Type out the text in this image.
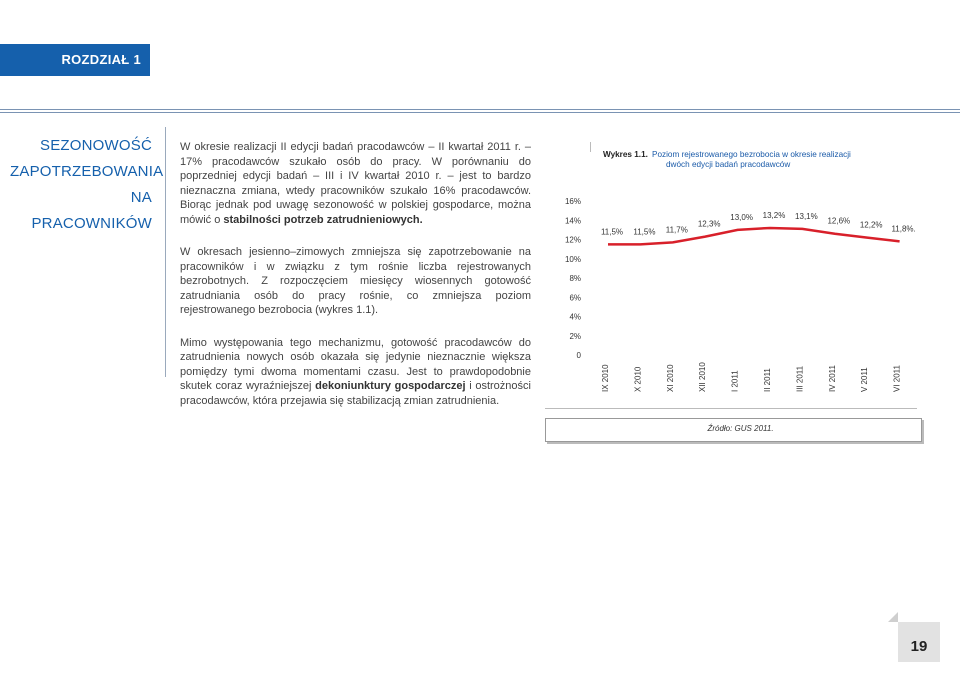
ROZDZIAŁ 1
SEZONOWOŚĆ
ZAPOTRZEBOWANIA
NA PRACOWNIKÓW

W okresie realizacji II edycji badań pracodawców – II kwartał 2011 r. – 17% pracodawców szukało osób do pracy. W porównaniu do poprzedniej edycji badań – III i IV kwartał 2010 r. – jest to bardzo nieznaczna zmiana, wtedy pracowników szukało 16% pracodawców. Biorąc jednak pod uwagę sezonowość w polskiej gospodarce, można mówić o stabilności potrzeb zatrudnieniowych.

W okresach jesienno–zimowych zmniejsza się zapotrzebowanie na pracowników i w związku z tym rośnie liczba rejestrowanych bezrobotnych. Z rozpoczęciem miesięcy wiosennych gotowość zatrudniania osób do pracy rośnie, co zmniejsza poziom rejestrowanego bezrobocia (wykres 1.1).

Mimo występowania tego mechanizmu, gotowość pracodawców do zatrudnienia nowych osób okazała się jedynie nieznacznie większa pomiędzy tymi dwoma momentami czasu. Jest to prawdopodobnie skutek coraz wyraźniejszej dekoniunktury gospodarczej i ostrożności pracodawców, która przejawia się stabilizacją zmian zatrudnienia.

Wykres 1.1. Poziom rejestrowanego bezrobocia w okresie realizacji
dwóch edycji badań pracodawców
0
2%
4%
6%
8%
10%
12%
14%
16%
IX 2010	X 2010	XI 2010	XII 2010	I 2011	II 2011	III 2011	IV 2011	V 2011	VI 2011
11,5% 11,5% 11,7%
12,3%
13,0% 13,2% 13,1%
12,6% 12,2% 11,8%.
Źródło: GUS 2011.
19
